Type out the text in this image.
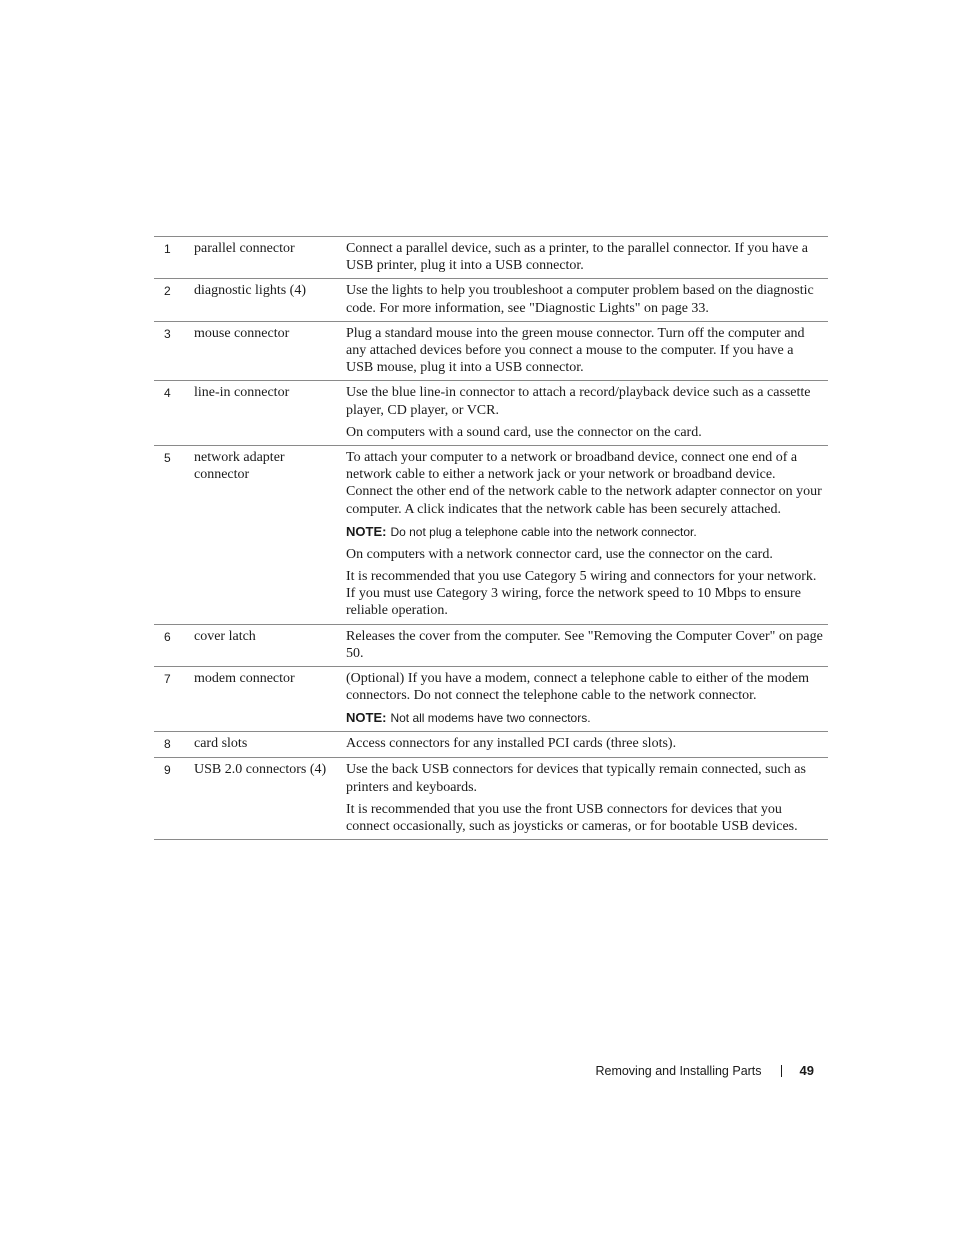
1	parallel connector	Connect a parallel device, such as a printer, to the parallel connector. If you have a USB printer, plug it into a USB connector.

2	diagnostic lights (4)	Use the lights to help you troubleshoot a computer problem based on the diagnostic code. For more information, see "Diagnostic Lights" on page 33.

3	mouse connector	Plug a standard mouse into the green mouse connector. Turn off the computer and any attached devices before you connect a mouse to the computer. If you have a USB mouse, plug it into a USB connector.

4	line-in connector	Use the blue line-in connector to attach a record/playback device such as a cassette player, CD player, or VCR.

On computers with a sound card, use the connector on the card.

5	network adapter connector	To attach your computer to a network or broadband device, connect one end of a network cable to either a network jack or your network or broadband device. Connect the other end of the network cable to the network adapter connector on your computer. A click indicates that the network cable has been securely attached.

NOTE: Do not plug a telephone cable into the network connector.

On computers with a network connector card, use the connector on the card.

It is recommended that you use Category 5 wiring and connectors for your network. If you must use Category 3 wiring, force the network speed to 10 Mbps to ensure reliable operation.

6	cover latch	Releases the cover from the computer. See "Removing the Computer Cover" on page 50.

7	modem connector	(Optional) If you have a modem, connect a telephone cable to either of the modem connectors. Do not connect the telephone cable to the network connector.

NOTE: Not all modems have two connectors.

8	card slots	Access connectors for any installed PCI cards (three slots).

9	USB 2.0 connectors (4)	Use the back USB connectors for devices that typically remain connected, such as printers and keyboards.

It is recommended that you use the front USB connectors for devices that you connect occasionally, such as joysticks or cameras, or for bootable USB devices.

Removing and Installing Parts	49
